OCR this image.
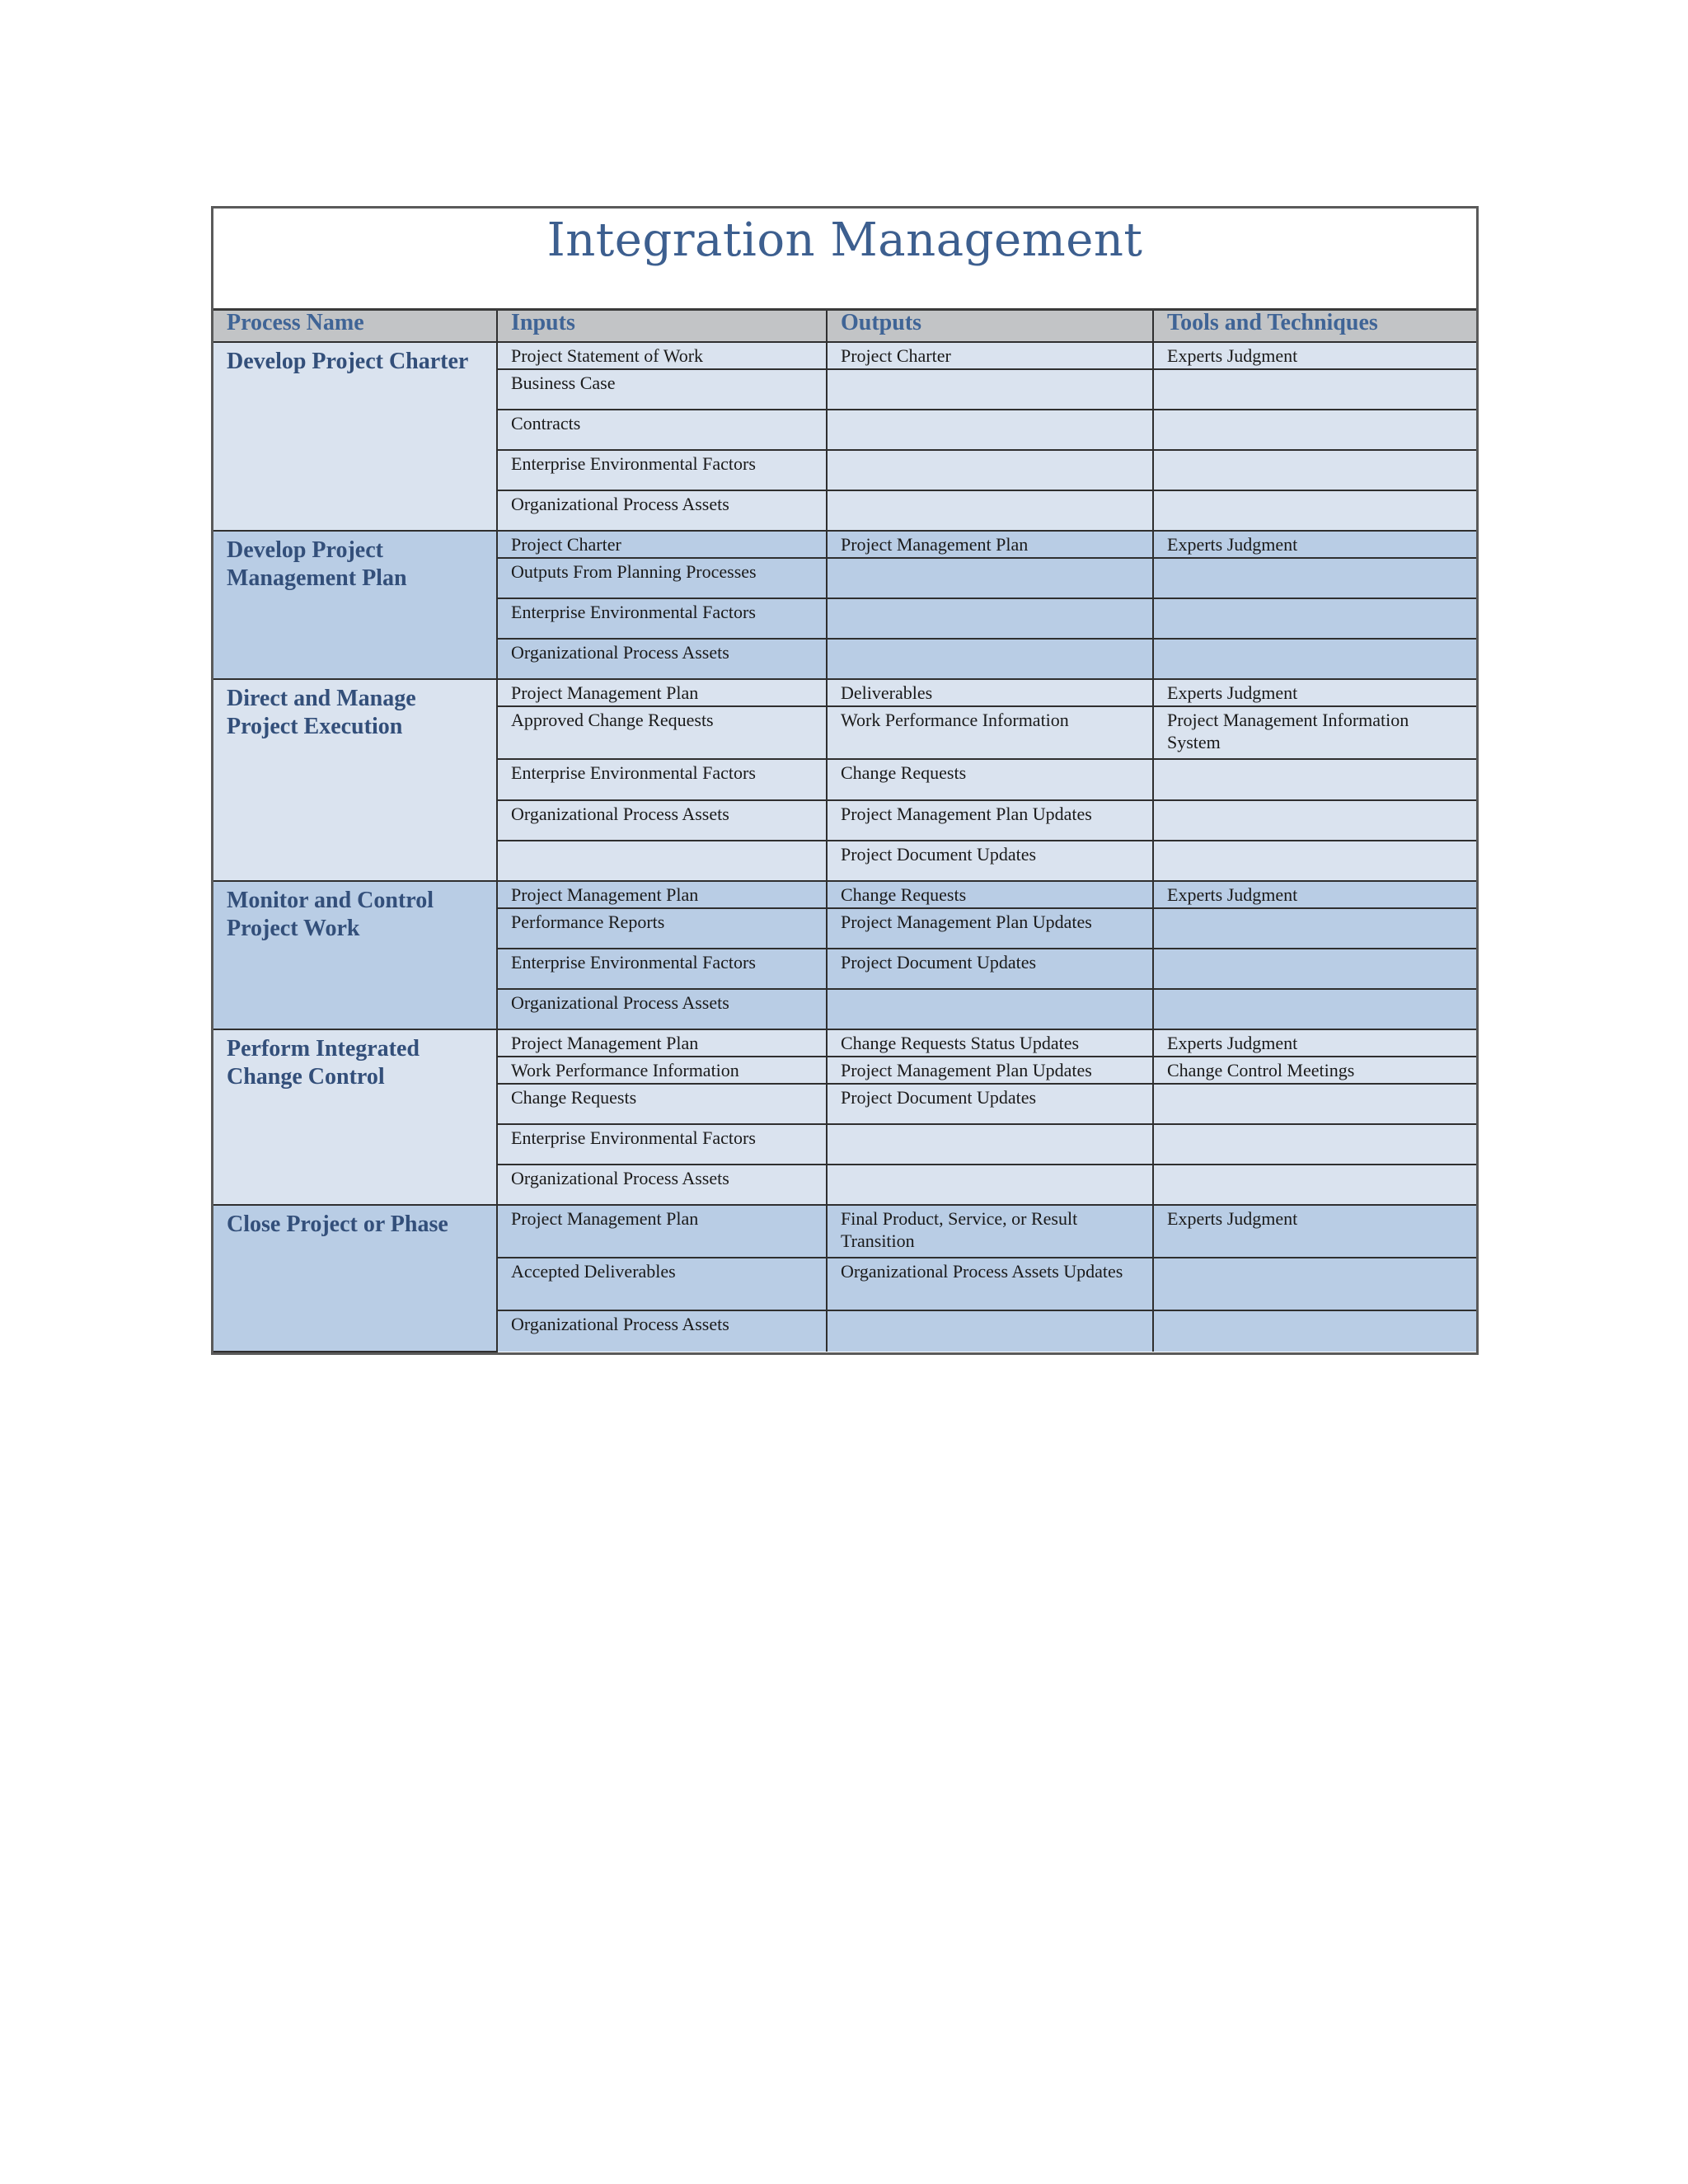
Integration Management
Process Name	Inputs	Outputs	Tools and Techniques
Develop Project Charter	Project Statement of Work	Project Charter	Experts Judgment
	Business Case		
	Contracts		
	Enterprise Environmental Factors		
	Organizational Process Assets		
Develop Project Management Plan	Project Charter	Project Management Plan	Experts Judgment
	Outputs From Planning Processes		
	Enterprise Environmental Factors		
	Organizational Process Assets		
Direct and Manage Project Execution	Project Management Plan	Deliverables	Experts Judgment
	Approved Change Requests	Work Performance Information	Project Management Information System
	Enterprise Environmental Factors	Change Requests	
	Organizational Process Assets	Project Management Plan Updates	
		Project Document Updates	
Monitor and Control Project Work	Project Management Plan	Change Requests	Experts Judgment
	Performance Reports	Project Management Plan Updates	
	Enterprise Environmental Factors	Project Document Updates	
	Organizational Process Assets		
Perform Integrated Change Control	Project Management Plan	Change Requests Status Updates	Experts Judgment
	Work Performance Information	Project Management Plan Updates	Change Control Meetings
	Change Requests	Project Document Updates	
	Enterprise Environmental Factors		
	Organizational Process Assets		
Close Project or Phase	Project Management Plan	Final Product, Service, or Result Transition	Experts Judgment
	Accepted Deliverables	Organizational Process Assets Updates	
	Organizational Process Assets		
